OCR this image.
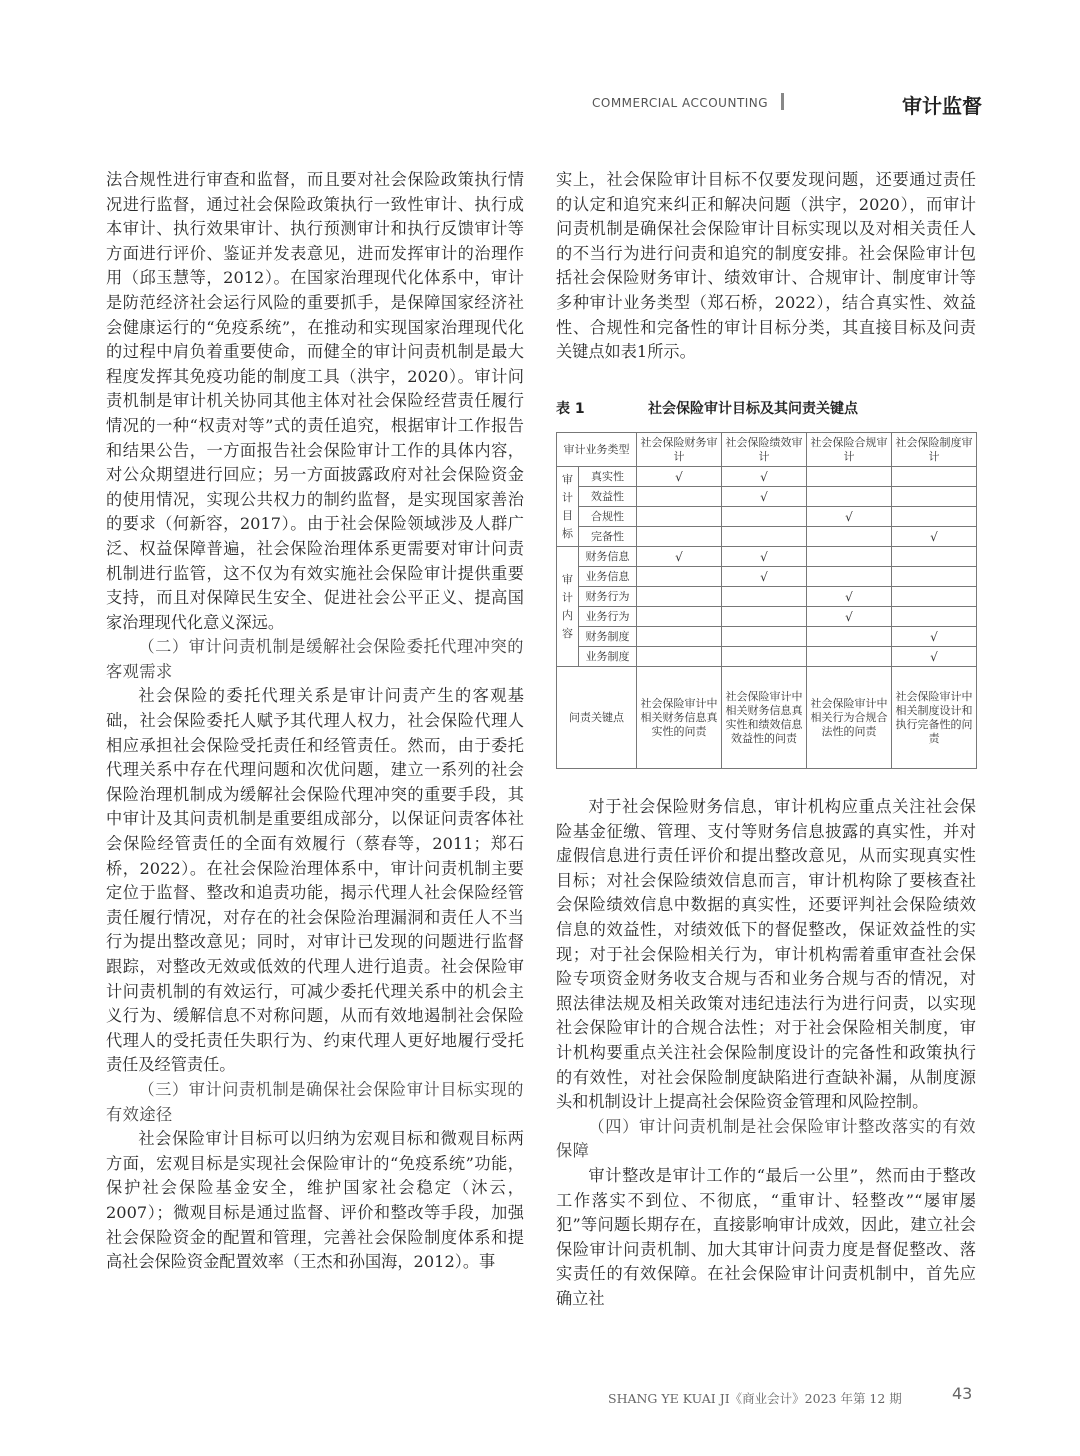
COMMERCIAL ACCOUNTING	审计监督

法合规性进行审查和监督，而且要对社会保险政策执行情况进行监督，通过社会保险政策执行一致性审计、执行成本审计、执行效果审计、执行预测审计和执行反馈审计等方面进行评价、鉴证并发表意见，进而发挥审计的治理作用（邱玉慧等，2012）。在国家治理现代化体系中，审计是防范经济社会运行风险的重要抓手，是保障国家经济社会健康运行的“免疫系统”，在推动和实现国家治理现代化的过程中肩负着重要使命，而健全的审计问责机制是最大程度发挥其免疫功能的制度工具（洪宇，2020）。审计问责机制是审计机关协同其他主体对社会保险经营责任履行情况的一种“权责对等”式的责任追究，根据审计工作报告和结果公告，一方面报告社会保险审计工作的具体内容，对公众期望进行回应；另一方面披露政府对社会保险资金的使用情况，实现公共权力的制约监督，是实现国家善治的要求（何新容，2017）。由于社会保险领域涉及人群广泛、权益保障普遍，社会保险治理体系更需要对审计问责机制进行监管，这不仅为有效实施社会保险审计提供重要支持，而且对保障民生安全、促进社会公平正义、提高国家治理现代化意义深远。

（二）审计问责机制是缓解社会保险委托代理冲突的客观需求

社会保险的委托代理关系是审计问责产生的客观基础，社会保险委托人赋予其代理人权力，社会保险代理人相应承担社会保险受托责任和经管责任。然而，由于委托代理关系中存在代理问题和次优问题，建立一系列的社会保险治理机制成为缓解社会保险代理冲突的重要手段，其中审计及其问责机制是重要组成部分，以保证问责客体社会保险经管责任的全面有效履行（蔡春等，2011；郑石桥，2022）。在社会保险治理体系中，审计问责机制主要定位于监督、整改和追责功能，揭示代理人社会保险经管责任履行情况，对存在的社会保险治理漏洞和责任人不当行为提出整改意见；同时，对审计已发现的问题进行监督跟踪，对整改无效或低效的代理人进行追责。社会保险审计问责机制的有效运行，可减少委托代理关系中的机会主义行为、缓解信息不对称问题，从而有效地遏制社会保险代理人的受托责任失职行为、约束代理人更好地履行受托责任及经管责任。

（三）审计问责机制是确保社会保险审计目标实现的有效途径

社会保险审计目标可以归纳为宏观目标和微观目标两方面，宏观目标是实现社会保险审计的“免疫系统”功能，保护社会保险基金安全，维护国家社会稳定（沐云，2007）；微观目标是通过监督、评价和整改等手段，加强社会保险资金的配置和管理，完善社会保险制度体系和提高社会保险资金配置效率（王杰和孙国海，2012）。事

实上，社会保险审计目标不仅要发现问题，还要通过责任的认定和追究来纠正和解决问题（洪宇，2020），而审计问责机制是确保社会保险审计目标实现以及对相关责任人的不当行为进行问责和追究的制度安排。社会保险审计包括社会保险财务审计、绩效审计、合规审计、制度审计等多种审计业务类型（郑石桥，2022），结合真实性、效益性、合规性和完备性的审计目标分类，其直接目标及问责关键点如表1所示。

表 1	社会保险审计目标及其问责关键点
审计业务类型		社会保险财务审计	社会保险绩效审计	社会保险合规审计	社会保险制度审计
审计目标	真实性	√	√		
	效益性		√		
	合规性			√	
	完备性				√
审计内容	财务信息	√	√		
	业务信息		√		
	财务行为			√	
	业务行为			√	
	财务制度				√
	业务制度				√
问责关键点		社会保险审计中相关财务信息真实性的问责	社会保险审计中相关财务信息真实性和绩效信息效益性的问责	社会保险审计中相关行为合规合法性的问责	社会保险审计中相关制度设计和执行完备性的问责

对于社会保险财务信息，审计机构应重点关注社会保险基金征缴、管理、支付等财务信息披露的真实性，并对虚假信息进行责任评价和提出整改意见，从而实现真实性目标；对社会保险绩效信息而言，审计机构除了要核查社会保险绩效信息中数据的真实性，还要评判社会保险绩效信息的效益性，对绩效低下的督促整改，保证效益性的实现；对于社会保险相关行为，审计机构需着重审查社会保险专项资金财务收支合规与否和业务合规与否的情况，对照法律法规及相关政策对违纪违法行为进行问责，以实现社会保险审计的合规合法性；对于社会保险相关制度，审计机构要重点关注社会保险制度设计的完备性和政策执行的有效性，对社会保险制度缺陷进行查缺补漏，从制度源头和机制设计上提高社会保险资金管理和风险控制。

（四）审计问责机制是社会保险审计整改落实的有效保障

审计整改是审计工作的“最后一公里”，然而由于整改工作落实不到位、不彻底，“重审计、轻整改”“屡审屡犯”等问题长期存在，直接影响审计成效，因此，建立社会保险审计问责机制、加大其审计问责力度是督促整改、落实责任的有效保障。在社会保险审计问责机制中，首先应确立社

SHANG YE KUAI JI《商业会计》2023 年第 12 期	43
